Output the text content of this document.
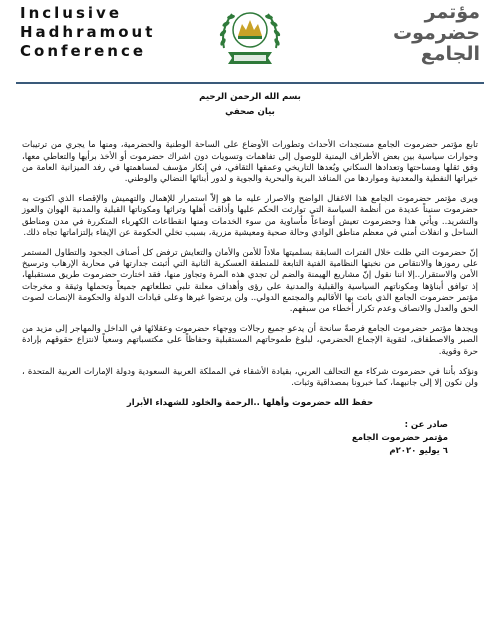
Inclusive
Hadhramout
Conference
مؤتمر
حضرموت
الجامع
بسم الله الرحمن الرحيم
بيان صحفي

تابع مؤتمر حضرموت الجامع مستجدات الأحداث وتطورات الأوضاع على الساحة الوطنية والحضرمية، ومنها ما يجري من ترتيبات وحوارات سياسية بين بعض الأطراف اليمنية للوصول إلى تفاهمات وتسويات دون اشراك حضرموت أو الأخذ برأيها والتعاطي معها، وفق ثقلها ومساحتها وتعدادها السكاني وبُعدها التاريخي وعمقها الثقافي، في إنكار مؤسف لمساهمتها في رفد الميزانية العامة من خيراتها النفطية والمعدنية ومواردها من المنافذ البرية والبحرية والجوية و لدور أبنائها النضالي والوطني.

ويرى مؤتمر حضرموت الجامع هذا الاغفال الواضح والاصرار عليه ما هو إلاّ استمرار للإهمال والتهميش والإقصاء الذي اكتوت به حضرموت سنيناً عديدة من أنظمة السياسة التي توارثت الحكم عليها وأذاقت أهلها وتراثها ومكوناتها القبلية والمدنية الهوان والعوز والتشريد.. ويأتي هذا وحضرموت تعيش أوضاعاً مأساوية من سوء الخدمات ومنها انقطاعات الكهرباء المتكررة في مدن ومناطق الساحل و انفلات أمني في معظم مناطق الوادي وحالة صحية ومعيشية مزرية، بسبب تخلي الحكومة عن الإيفاء بإلتزاماتها تجاه ذلك.

إنّ حضرموت التي ظلت خلال الفترات السابقة بسلميتها ملاذاً للأمن والأمان والتعايش ترفض كل أصناف الجحود والتطاول المستمر على رموزها والانتقاص من نخبتها النظامية الفتية التابعة للمنطقة العسكرية الثانية التي أثبتت جدارتها في محاربة الإرهاب وترسيخ الأمن والاستقرار..إلا اننا نقول إنّ مشاريع الهيمنة والضم لن تجدي هذه المرة وتجاوز منها، فقد اختارت حضرموت طريق مستقبلها، إذ توافق أبناؤها ومكوناتهم السياسية والقبلية والمدنية على رؤى وأهداف معلنة تلبي تطلعاتهم جميعاً وتحملها وثيقة و مخرجات مؤتمر حضرموت الجامع الذي باتت بها الأقاليم والمجتمع الدولي.. ولن يرتضوا غيرها وعلى قيادات الدولة والحكومة الإنصات لصوت الحق والعدل والانصاف وعدم تكرار أخطاء من سبقهم.

ويجدها مؤتمر حضرموت الجامع فرصةً سانحة أن يدعو جميع رجالات ووجهاء حضرموت وعقلائها في الداخل والمهاجر إلى مزيد من الصبر والاصطفاف، لتقوية الإجماع الحضرمي، لبلوغ طموحاتهم المستقبلية وحفاظاً على مكتسباتهم وسعياً لانتزاع حقوقهم بإرادة حرة وقوية.

ونؤكد بأننا في حضرموت شركاء مع التحالف العربي، بقيادة الأشقاء في المملكة العربية السعودية ودولة الإمارات العربية المتحدة ، ولن نكون إلا إلى جانبهما، كما خبرونا بمصداقية وثبات.

حفظ الله حضرموت وأهلها ..الرحمة والخلود للشهداء الأبرار
صادر عن :
مؤتمر حضرموت الجامع
٦ يوليو ٢٠٢٠م
